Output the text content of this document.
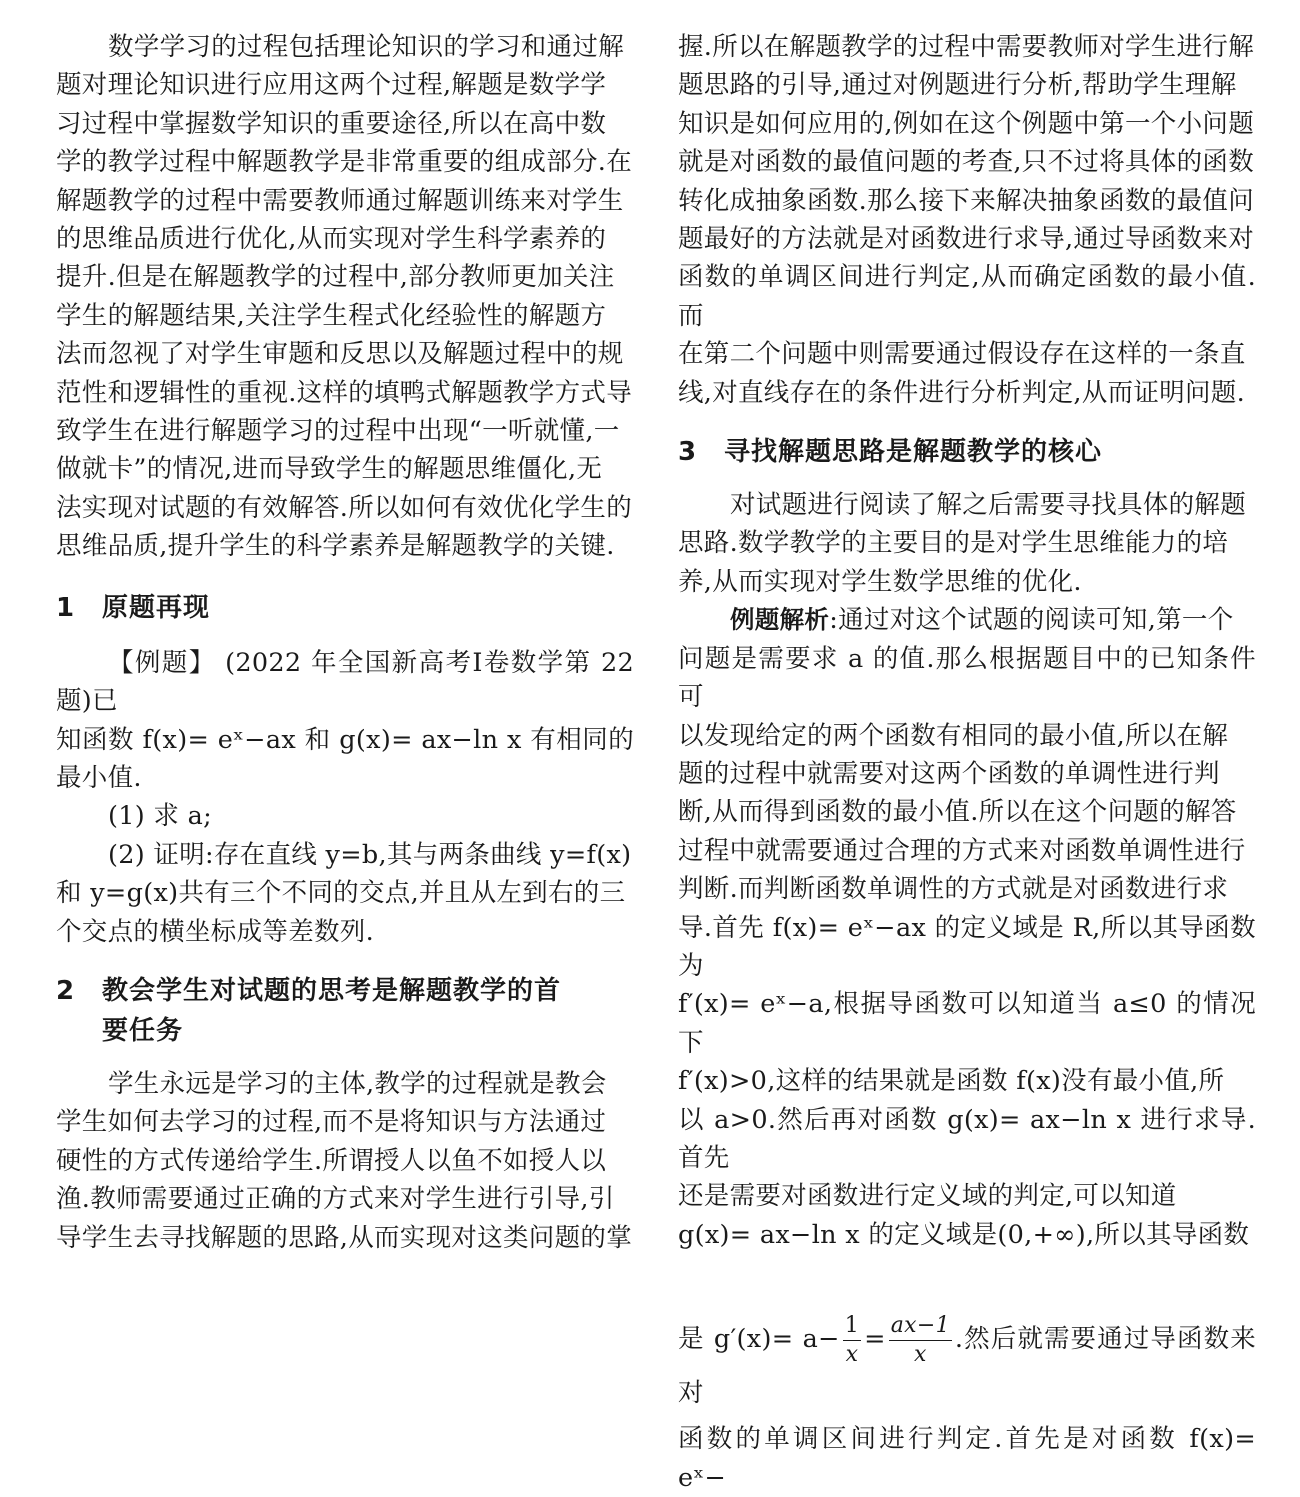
数学学习的过程包括理论知识的学习和通过解
题对理论知识进行应用这两个过程,解题是数学学
习过程中掌握数学知识的重要途径,所以在高中数
学的教学过程中解题教学是非常重要的组成部分.在
解题教学的过程中需要教师通过解题训练来对学生
的思维品质进行优化,从而实现对学生科学素养的
提升.但是在解题教学的过程中,部分教师更加关注
学生的解题结果,关注学生程式化经验性的解题方
法而忽视了对学生审题和反思以及解题过程中的规
范性和逻辑性的重视.这样的填鸭式解题教学方式导
致学生在进行解题学习的过程中出现“一听就懂,一
做就卡”的情况,进而导致学生的解题思维僵化,无
法实现对试题的有效解答.所以如何有效优化学生的
思维品质,提升学生的科学素养是解题教学的关键.

1 原题再现

【例题】 (2022 年全国新高考Ⅰ卷数学第 22 题)已
知函数 f(x)= eˣ−ax 和 g(x)= ax−ln x 有相同的最小值.

(1) 求 a;

(2) 证明:存在直线 y=b,其与两条曲线 y=f(x)
和 y=g(x)共有三个不同的交点,并且从左到右的三
个交点的横坐标成等差数列.

2 教会学生对试题的思考是解题教学的首
要任务

学生永远是学习的主体,教学的过程就是教会
学生如何去学习的过程,而不是将知识与方法通过
硬性的方式传递给学生.所谓授人以鱼不如授人以
渔.教师需要通过正确的方式来对学生进行引导,引
导学生去寻找解题的思路,从而实现对这类问题的掌

握.所以在解题教学的过程中需要教师对学生进行解
题思路的引导,通过对例题进行分析,帮助学生理解
知识是如何应用的,例如在这个例题中第一个小问题
就是对函数的最值问题的考查,只不过将具体的函数
转化成抽象函数.那么接下来解决抽象函数的最值问
题最好的方法就是对函数进行求导,通过导函数来对
函数的单调区间进行判定,从而确定函数的最小值.而
在第二个问题中则需要通过假设存在这样的一条直
线,对直线存在的条件进行分析判定,从而证明问题.

3 寻找解题思路是解题教学的核心

对试题进行阅读了解之后需要寻找具体的解题
思路.数学教学的主要目的是对学生思维能力的培
养,从而实现对学生数学思维的优化.

例题解析:通过对这个试题的阅读可知,第一个
问题是需要求 a 的值.那么根据题目中的已知条件可
以发现给定的两个函数有相同的最小值,所以在解
题的过程中就需要对这两个函数的单调性进行判
断,从而得到函数的最小值.所以在这个问题的解答
过程中就需要通过合理的方式来对函数单调性进行
判断.而判断函数单调性的方式就是对函数进行求
导.首先 f(x)= eˣ−ax 的定义域是 R,所以其导函数为
f′(x)= eˣ−a,根据导函数可以知道当 a≤0 的情况下
f′(x)>0,这样的结果就是函数 f(x)没有最小值,所
以 a>0.然后再对函数 g(x)= ax−ln x 进行求导.首先
还是需要对函数进行定义域的判定,可以知道
g(x)= ax−ln x 的定义域是(0,+∞),所以其导函数

是 $g'(x)= a- \frac{1}{x} = \frac{ax-1}{x}$ .然后就需要通过导函数来对

函数的单调区间进行判定.首先是对函数 f(x)= eˣ−
